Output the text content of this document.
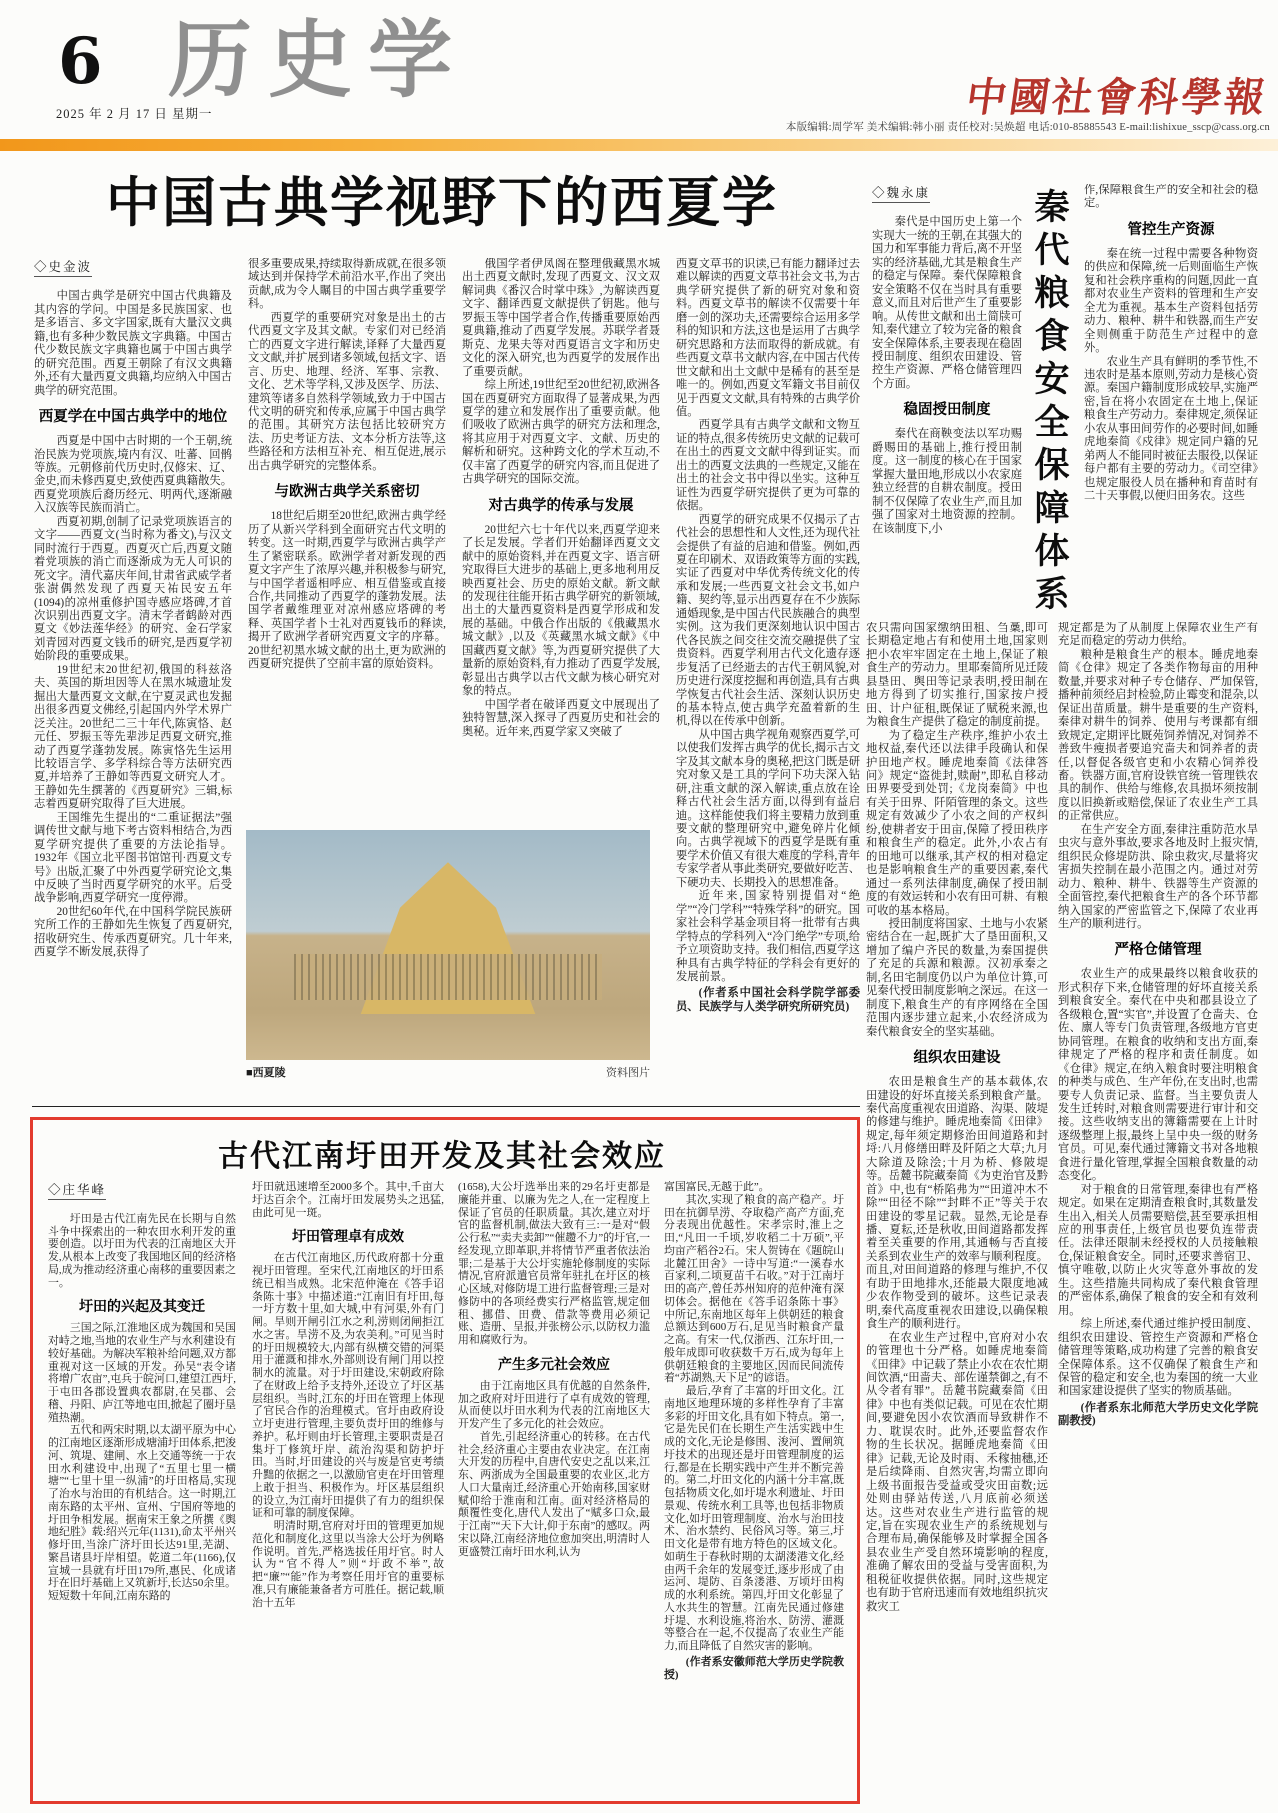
6
2025 年 2 月 17 日 星期一
历史学	中國社會科學報
本版编辑:周学军 美术编辑:韩小丽 责任校对:吴焕超 电话:010-85885543 E-mail:lishixue_sscp@cass.org.cn
中国古典学视野下的西夏学

◇史金波

中国古典学是研究中国古代典籍及其内容的学问。中国是多民族国家、也是多语言、多文字国家,既有大量汉文典籍,也有多种少数民族文字典籍。中国古代少数民族文字典籍也属于中国古典学的研究范围。西夏王朝除了有汉文典籍外,还有大量西夏文典籍,均应纳入中国古典学的研究范围。

西夏学在中国古典学中的地位

西夏是中国中古时期的一个王朝,统治民族为党项族,境内有汉、吐蕃、回鹘等族。元朝修前代历史时,仅修宋、辽、金史,而未修西夏史,致使西夏典籍散失。西夏党项族后裔历经元、明两代,逐渐融入汉族等民族而消亡。

西夏初期,创制了记录党项族语言的文字——西夏文(当时称为番文),与汉文同时流行于西夏。西夏灭亡后,西夏文随着党项族的消亡而逐渐成为无人可识的死文字。清代嘉庆年间,甘肃省武威学者张澍偶然发现了西夏天祐民安五年(1094)的凉州重修护国寺感应塔碑,才首次识别出西夏文字。清末学者鹤龄对西夏文《妙法莲华经》的研究、金石学家刘青园对西夏文钱币的研究,是西夏学初始阶段的重要成果。

19世纪末20世纪初,俄国的科兹洛夫、英国的斯坦因等人在黑水城遗址发掘出大量西夏文文献,在宁夏灵武也发掘出很多西夏文佛经,引起国内外学术界广泛关注。20世纪二三十年代,陈寅恪、赵元任、罗振玉等先辈涉足西夏文研究,推动了西夏学蓬勃发展。陈寅恪先生运用比较语言学、多学科综合等方法研究西夏,并培养了王静如等西夏文研究人才。王静如先生撰著的《西夏研究》三辑,标志着西夏研究取得了巨大进展。

王国维先生提出的“二重证据法”强调传世文献与地下考古资料相结合,为西夏学研究提供了重要的方法论指导。1932年《国立北平图书馆馆刊·西夏文专号》出版,汇聚了中外西夏学研究论文,集中反映了当时西夏学研究的水平。后受战争影响,西夏学研究一度停滞。

20世纪60年代,在中国科学院民族研究所工作的王静如先生恢复了西夏研究,招收研究生、传承西夏研究。几十年来,西夏学不断发展,获得了

很多重要成果,持续取得新成就,在很多领域达到并保持学术前沿水平,作出了突出贡献,成为令人瞩目的中国古典学重要学科。

西夏学的重要研究对象是出土的古代西夏文字及其文献。专家们对已经消亡的西夏文字进行解读,译释了大量西夏文文献,并扩展到诸多领域,包括文字、语言、历史、地理、经济、军事、宗教、文化、艺术等学科,又涉及医学、历法、建筑等诸多自然科学领域,致力于中国古代文明的研究和传承,应属于中国古典学的范围。其研究方法包括比较研究方法、历史考证方法、文本分析方法等,这些路径和方法相互补充、相互促进,展示出古典学研究的完整体系。

与欧洲古典学关系密切

18世纪后期至20世纪,欧洲古典学经历了从新兴学科到全面研究古代文明的转变。这一时期,西夏学与欧洲古典学产生了紧密联系。欧洲学者对新发现的西夏文字产生了浓厚兴趣,并积极参与研究,与中国学者遥相呼应、相互借鉴或直接合作,共同推动了西夏学的蓬勃发展。法国学者戴维理亚对凉州感应塔碑的考释、英国学者卜士礼对西夏钱币的释读,揭开了欧洲学者研究西夏文字的序幕。20世纪初黑水城文献的出土,更为欧洲的西夏研究提供了空前丰富的原始资料。

俄国学者伊凤阁在整理俄藏黑水城出土西夏文献时,发现了西夏文、汉文双解词典《番汉合时掌中珠》,为解读西夏文字、翻译西夏文献提供了钥匙。他与罗振玉等中国学者合作,传播重要原始西夏典籍,推动了西夏学发展。苏联学者聂斯克、龙果夫等对西夏语言文字和历史文化的深入研究,也为西夏学的发展作出了重要贡献。

综上所述,19世纪至20世纪初,欧洲各国在西夏研究方面取得了显著成果,为西夏学的建立和发展作出了重要贡献。他们吸收了欧洲古典学的研究方法和理念,将其应用于对西夏文字、文献、历史的解析和研究。这种跨文化的学术互动,不仅丰富了西夏学的研究内容,而且促进了古典学研究的国际交流。

对古典学的传承与发展

20世纪六七十年代以来,西夏学迎来了长足发展。学者们开始翻译西夏文文献中的原始资料,并在西夏文字、语言研究取得巨大进步的基础上,更多地利用反映西夏社会、历史的原始文献。新文献的发现往往能开拓古典学研究的新领域,出土的大量西夏资料是西夏学形成和发展的基础。中俄合作出版的《俄藏黑水城文献》,以及《英藏黑水城文献》《中国藏西夏文献》等,为西夏研究提供了大量新的原始资料,有力推动了西夏学发展,彰显出古典学以古代文献为核心研究对象的特点。

中国学者在破译西夏文中展现出了独特智慧,深入探寻了西夏历史和社会的奥秘。近年来,西夏学家又突破了

西夏文草书的识读,已有能力翻译过去难以解读的西夏文草书社会文书,为古典学研究提供了新的研究对象和资料。西夏文草书的解读不仅需要十年磨一剑的深功夫,还需要综合运用多学科的知识和方法,这也是运用了古典学研究思路和方法而取得的新成就。有些西夏文草书文献内容,在中国古代传世文献和出土文献中是稀有的甚至是唯一的。例如,西夏文军籍文书目前仅见于西夏文文献,具有特殊的古典学价值。

西夏学具有古典学文献和文物互证的特点,很多传统历史文献的记载可在出土的西夏文文献中得到证实。而出土的西夏文法典的一些规定,又能在出土的社会文书中得以坐实。这种互证性为西夏学研究提供了更为可靠的依据。

西夏学的研究成果不仅揭示了古代社会的思想性和人文性,还为现代社会提供了有益的启迪和借鉴。例如,西夏在印刷术、双语政策等方面的实践,实证了西夏对中华优秀传统文化的传承和发展;一些西夏文社会文书,如户籍、契约等,显示出西夏存在不少族际通婚现象,是中国古代民族融合的典型实例。这为我们更深刻地认识中国古代各民族之间交往交流交融提供了宝贵资料。西夏学利用古代文化遗存逐步复活了已经逝去的古代王朝风貌,对历史进行深度挖掘和再创造,具有古典学恢复古代社会生活、深刻认识历史的基本特点,使古典学充盈着新的生机,得以在传承中创新。

从中国古典学视角观察西夏学,可以使我们发挥古典学的优长,揭示古文字及其文献本身的奥秘,把这门既是研究对象又是工具的学问下功夫深入钻研,注重文献的深入解读,重点放在诠释古代社会生活方面,以得到有益启迪。这样能使我们将主要精力放到重要文献的整理研究中,避免碎片化倾向。古典学视域下的西夏学是既有重要学术价值又有很大难度的学科,青年专家学者从事此类研究,要做好吃苦、下硬功夫、长期投入的思想准备。

近年来,国家特别提倡对“绝学”“冷门学科”“特殊学科”的研究。国家社会科学基金项目将一批带有古典学特点的学科列入“冷门绝学”专项,给予立项资助支持。我们相信,西夏学这种具有古典学特征的学科会有更好的发展前景。

(作者系中国社会科学院学部委员、民族学与人类学研究所研究员)

■西夏陵	资料图片
古代江南圩田开发及其社会效应

◇庄华峰

圩田是古代江南先民在长期与自然斗争中探索出的一种农田水利开发的重要创造。以圩田为代表的江南地区大开发,从根本上改变了我国地区间的经济格局,成为推动经济重心南移的重要因素之一。

圩田的兴起及其变迁

三国之际,江淮地区成为魏国和吴国对峙之地,当地的农业生产与水利建设有较好基础。为解决军粮补给问题,双方都重视对这一区域的开发。孙吴“表令诸将增广农亩”,屯兵于皖河口,建望江西圩,于屯田各郡设置典农都尉,在吴郡、会稽、丹阳、庐江等地屯田,掀起了圈圩垦殖热潮。

五代和两宋时期,以太湖平原为中心的江南地区逐渐形成塘浦圩田体系,把浚河、筑堤、建闸、水上交通等统一于农田水利建设中,出现了“五里七里一横塘”“七里十里一纵浦”的圩田格局,实现了治水与治田的有机结合。这一时期,江南东路的太平州、宣州、宁国府等地的圩田争相发展。据南宋王象之所撰《舆地纪胜》载:绍兴元年(1131),命太平州兴修圩田,当涂广济圩田长达91里,芜湖、繁昌诸县圩岸相望。乾道二年(1166),仅宣城一县就有圩田179所,惠民、化成诸圩在旧圩基础上又筑新圩,长达50余里。短短数十年间,江南东路的

圩田就迅速增至2000多个。其中,千亩大圩达百余个。江南圩田发展势头之迅猛,由此可见一斑。

圩田管理卓有成效

在古代江南地区,历代政府都十分重视圩田管理。至宋代,江南地区的圩田系统已相当成熟。北宋范仲淹在《答手诏条陈十事》中描述道:“江南旧有圩田,每一圩方数十里,如大城,中有河渠,外有门闸。旱则开闸引江水之利,涝则闭闸拒江水之害。旱涝不及,为农美利。”可见当时的圩田规模较大,内部有纵横交错的河渠用于灌溉和排水,外部则设有闸门用以控制水的流量。对于圩田建设,宋朝政府除了在财政上给予支持外,还设立了圩区基层组织。当时,江东的圩田在管理上体现了官民合作的治理模式。官圩由政府设立圩吏进行管理,主要负责圩田的维修与养护。私圩则由圩长管理,主要职责是召集圩丁修筑圩岸、疏治沟渠和防护圩田。当时,圩田建设的兴与废是官吏考绩升黜的依据之一,以激励官吏在圩田管理上敢于担当、积极作为。圩区基层组织的设立,为江南圩田提供了有力的组织保证和可靠的制度保障。

明清时期,官府对圩田的管理更加规范化和制度化,这里以当涂大公圩为例略作说明。首先,严格选拔任用圩官。时人认为“官不得人”则“圩政不举”,故把“廉”“能”作为考察任用圩官的重要标准,只有廉能兼备者方可胜任。据记载,顺治十五年

(1658),大公圩选举出来的29名圩吏都是廉能并重、以廉为先之人,在一定程度上保证了官员的任职质量。其次,建立对圩官的监督机制,做法大致有三:一是对“假公行私”“卖夫卖卸”“催趱不力”的圩官,一经发现,立即革职,并将情节严重者依法治罪;二是基于大公圩实施轮修制度的实际情况,官府派遣官员常年驻扎在圩区的核心区域,对修防堤工进行监督管理;三是对修防中的各项经费实行严格监管,规定佃租、挪借、田费、借款等费用必须记账、造册、呈报,并张榜公示,以防权力滥用和腐败行为。

产生多元社会效应

由于江南地区具有优越的自然条件,加之政府对圩田进行了卓有成效的管理,从而使以圩田水利为代表的江南地区大开发产生了多元化的社会效应。

首先,引起经济重心的转移。在古代社会,经济重心主要由农业决定。在江南大开发的历程中,自唐代安史之乱以来,江东、两浙成为全国最重要的农业区,北方人口大量南迁,经济重心开始南移,国家财赋仰给于淮南和江南。面对经济格局的颠覆性变化,唐代人发出了“赋多口众,最于江南”“天下大计,仰于东南”的感叹。两宋以降,江南经济地位愈加突出,明清时人更盛赞江南圩田水利,认为

富国富民,无越于此”。

其次,实现了粮食的高产稳产。圩田在抗御旱涝、夺取稳产高产方面,充分表现出优越性。宋孝宗时,淮上之田,“凡田一千顷,岁收稻二十万硕”,平均亩产稻谷2石。宋人贺铸在《题皖山北麓江田舍》一诗中写道:“一溪春水百家利,二顷夏苗千石收。”对于江南圩田的高产,曾任苏州知府的范仲淹有深切体会。据他在《答手诏条陈十事》中所记,东南地区每年上供朝廷的粮食总额达到600万石,足见当时粮食产量之高。有宋一代,仅浙西、江东圩田,一般年成即可收获数千万石,成为每年上供朝廷粮食的主要地区,因而民间流传着“苏湖熟,天下足”的谚语。

最后,孕育了丰富的圩田文化。江南地区地理环境的多样性孕育了丰富多彩的圩田文化,具有如下特点。第一,它是先民们在长期生产生活实践中生成的文化,无论是修围、浚河、置闸筑圩技术的出现还是圩田管理制度的运行,都是在长期实践中产生并不断完善的。第二,圩田文化的内涵十分丰富,既包括物质文化,如圩堤水利遗址、圩田景观、传统水利工具等,也包括非物质文化,如圩田管理制度、治水与治田技术、治水禁约、民俗风习等。第三,圩田文化是带有地方特色的区域文化。如萌生于春秋时期的太湖溇港文化,经由两千余年的发展变迁,逐步形成了由运河、堤防、百条溇港、万顷圩田构成的水利系统。第四,圩田文化彰显了人水共生的智慧。江南先民通过修建圩堤、水利设施,将治水、防涝、灌溉等整合在一起,不仅提高了农业生产能力,而且降低了自然灾害的影响。

(作者系安徽师范大学历史学院教授)

秦代粮食安全保障体系

◇魏永康

秦代是中国历史上第一个实现大一统的王朝,在其强大的国力和军事能力背后,离不开坚实的经济基础,尤其是粮食生产的稳定与保障。秦代保障粮食安全策略不仅在当时具有重要意义,而且对后世产生了重要影响。从传世文献和出土简牍可知,秦代建立了较为完备的粮食安全保障体系,主要表现在稳固授田制度、组织农田建设、管控生产资源、严格仓储管理四个方面。

稳固授田制度

秦代在商鞅变法以军功赐爵赐田的基础上,推行授田制度。这一制度的核心在于国家掌握大量田地,形成以小农家庭独立经营的自耕农制度。授田制不仅保障了农业生产,而且加强了国家对土地资源的控制。在该制度下,小

农只需向国家缴纳田租、刍稾,即可长期稳定地占有和使用土地,国家则把小农牢牢固定在土地上,保证了粮食生产的劳动力。里耶秦简所见迁陵县垦田、舆田等记录表明,授田制在地方得到了切实推行,国家按户授田、计户征租,既保证了赋税来源,也为粮食生产提供了稳定的制度前提。

为了稳定生产秩序,维护小农土地权益,秦代还以法律手段确认和保护田地产权。睡虎地秦简《法律答问》规定“盗徙封,赎耐”,即私自移动田界要受到处罚;《龙岗秦简》中也有关于田界、阡陌管理的条文。这些规定有效减少了小农之间的产权纠纷,使耕者安于田亩,保障了授田秩序和粮食生产的稳定。此外,小农占有的田地可以继承,其产权的相对稳定也是影响粮食生产的重要因素,秦代通过一系列法律制度,确保了授田制度的有效运转和小农有田可耕、有粮可收的基本格局。

授田制度将国家、土地与小农紧密结合在一起,既扩大了垦田面积,又增加了编户齐民的数量,为秦国提供了充足的兵源和粮源。汉初承秦之制,名田宅制度仍以户为单位计算,可见秦代授田制度影响之深远。在这一制度下,粮食生产的有序网络在全国范围内逐步建立起来,小农经济成为秦代粮食安全的坚实基础。

组织农田建设

农田是粮食生产的基本载体,农田建设的好坏直接关系到粮食产量。秦代高度重视农田道路、沟渠、陂堤的修建与维护。睡虎地秦简《田律》规定,每年须定期修治田间道路和封埒:八月修缮田畔及阡陌之大草;九月大除道及除浍;十月为桥、修陂堤等。岳麓书院藏秦简《为吏治官及黔首》中,也有“桥陷弗为”“田道冲木不除”“田径不除”“封畔不正”等关于农田建设的零星记载。显然,无论是春播、夏耘,还是秋收,田间道路都发挥着至关重要的作用,其通畅与否直接关系到农业生产的效率与顺利程度。而且,对田间道路的修理与维护,不仅有助于田地排水,还能最大限度地减少农作物受到的破坏。这些记录表明,秦代高度重视农田建设,以确保粮食生产的顺利进行。

在农业生产过程中,官府对小农的管理也十分严格。如睡虎地秦简《田律》中记载了禁止小农在农忙期间饮酒,“田啬夫、部佐谨禁御之,有不从令者有罪”。岳麓书院藏秦简《田律》中也有类似记载。可见在农忙期间,要避免因小农饮酒而导致耕作不力、耽误农时。此外,还要监督农作物的生长状况。据睡虎地秦简《田律》记载,无论及时雨、禾稼抽穗,还是后续降雨、自然灾害,均需立即向上级书面报告受益或受灾田亩数;远处则由驿站传送,八月底前必须送达。这些对农业生产进行监管的规定,旨在实现农业生产的系统规划与合理布局,确保能够及时掌握全国各县农业生产受自然环境影响的程度,准确了解农田的受益与受害面积,为租税征收提供依据。同时,这些规定也有助于官府迅速而有效地组织抗灾救灾工

作,保障粮食生产的安全和社会的稳定。

管控生产资源

秦在统一过程中需要各种物资的供应和保障,统一后则面临生产恢复和社会秩序重构的问题,因此一直都对农业生产资料的管理和生产安全尤为重视。基本生产资料包括劳动力、粮种、耕牛和铁器,而生产安全则侧重于防范生产过程中的意外。

农业生产具有鲜明的季节性,不违农时是基本原则,劳动力是核心资源。秦国户籍制度形成较早,实施严密,旨在将小农固定在土地上,保证粮食生产劳动力。秦律规定,须保证小农从事田间劳作的必要时间,如睡虎地秦简《戍律》规定同户籍的兄弟两人不能同时被征去服役,以保证每户都有主要的劳动力。《司空律》也规定服役人员在播种和育苗时有二十天事假,以便归田务农。这些

规定都是为了从制度上保障农业生产有充足而稳定的劳动力供给。

粮种是粮食生产的根本。睡虎地秦简《仓律》规定了各类作物每亩的用种数量,并要求对种子专仓储存、严加保管,播种前须经启封检验,防止霉变和混杂,以保证出苗质量。耕牛是重要的生产资料,秦律对耕牛的饲养、使用与考课都有细致规定,定期评比厩苑饲养情况,对饲养不善致牛瘦损者要追究啬夫和饲养者的责任,以督促各级官吏和小农精心饲养役畜。铁器方面,官府设铁官统一管理铁农具的制作、供给与维修,农具损坏须按制度以旧换新或赔偿,保证了农业生产工具的正常供应。

在生产安全方面,秦律注重防范水旱虫灾与意外事故,要求各地及时上报灾情,组织民众修堤防洪、除虫救灾,尽量将灾害损失控制在最小范围之内。通过对劳动力、粮种、耕牛、铁器等生产资源的全面管控,秦代把粮食生产的各个环节都纳入国家的严密监管之下,保障了农业再生产的顺利进行。

严格仓储管理

农业生产的成果最终以粮食收获的形式积存下来,仓储管理的好坏直接关系到粮食安全。秦代在中央和郡县设立了各级粮仓,置“实官”,并设置了仓啬夫、仓佐、廪人等专门负责管理,各级地方官吏协同管理。在粮食的收纳和支出方面,秦律规定了严格的程序和责任制度。如《仓律》规定,在纳入粮食时要注明粮食的种类与成色、生产年份,在支出时,也需要专人负责记录、监督。当主要负责人发生迁转时,对粮食则需要进行审计和交接。这些收纳支出的簿籍需要在上计时逐级整理上报,最终上呈中央一级的财务官员。可见,秦代通过簿籍文书对各地粮食进行量化管理,掌握全国粮食数量的动态变化。

对于粮食的日常管理,秦律也有严格规定。如果在定期清查粮食时,其数量发生出入,相关人员需要赔偿,甚至要承担相应的刑事责任,上级官员也要负连带责任。法律还限制未经授权的人员接触粮仓,保证粮食安全。同时,还要求善宿卫、慎守唯敬,以防止火灾等意外事故的发生。这些措施共同构成了秦代粮食管理的严密体系,确保了粮食的安全和有效利用。

综上所述,秦代通过维护授田制度、组织农田建设、管控生产资源和严格仓储管理等策略,成功构建了完善的粮食安全保障体系。这不仅确保了粮食生产和保管的稳定和安全,也为秦国的统一大业和国家建设提供了坚实的物质基础。

(作者系东北师范大学历史文化学院副教授)
